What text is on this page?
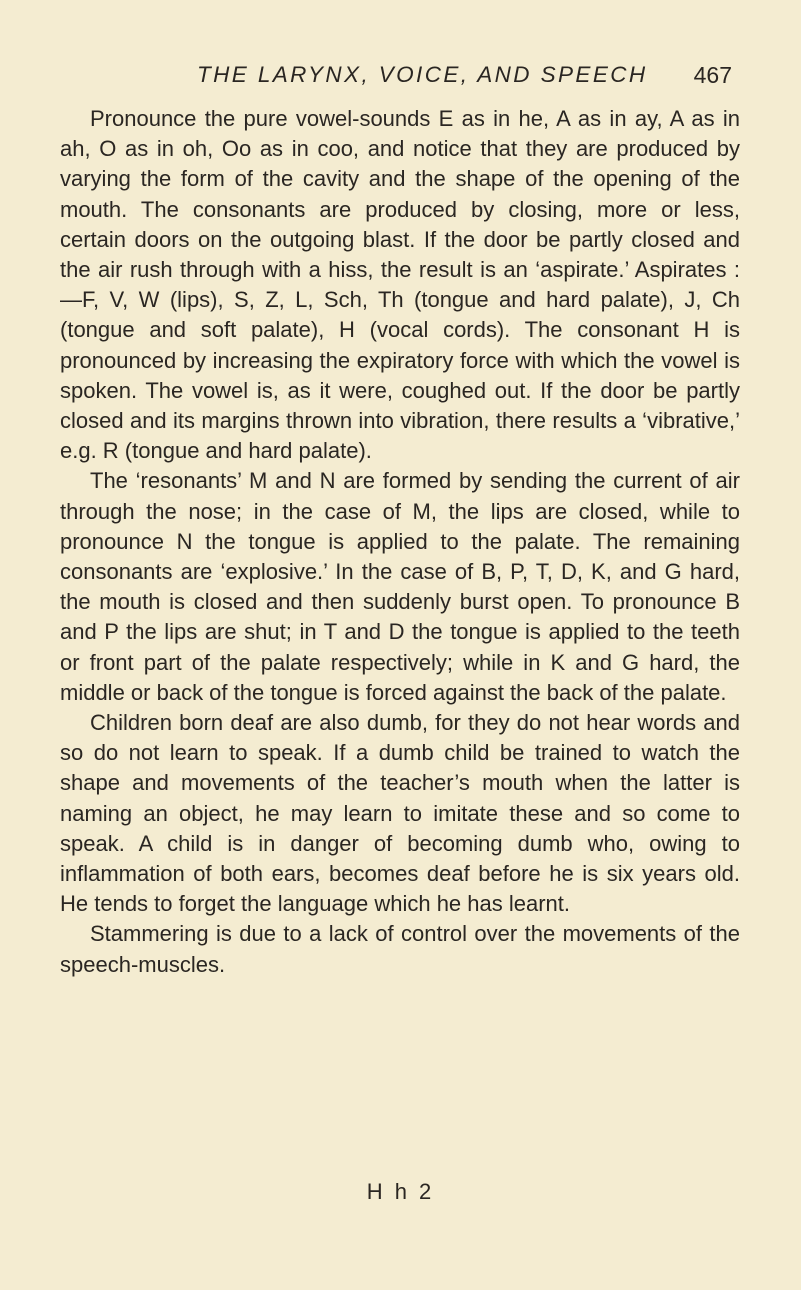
THE LARYNX, VOICE, AND SPEECH 467

Pronounce the pure vowel-sounds E as in he, A as in ay, A as in ah, O as in oh, Oo as in coo, and notice that they are produced by varying the form of the cavity and the shape of the opening of the mouth. The consonants are produced by closing, more or less, certain doors on the outgoing blast. If the door be partly closed and the air rush through with a hiss, the result is an ‘aspirate.’ Aspirates :—F, V, W (lips), S, Z, L, Sch, Th (tongue and hard palate), J, Ch (tongue and soft palate), H (vocal cords). The consonant H is pronounced by increasing the expiratory force with which the vowel is spoken. The vowel is, as it were, coughed out. If the door be partly closed and its margins thrown into vibration, there results a ‘vibrative,’ e.g. R (tongue and hard palate).

The ‘resonants’ M and N are formed by sending the current of air through the nose; in the case of M, the lips are closed, while to pronounce N the tongue is applied to the palate. The remaining consonants are ‘explosive.’ In the case of B, P, T, D, K, and G hard, the mouth is closed and then suddenly burst open. To pronounce B and P the lips are shut; in T and D the tongue is applied to the teeth or front part of the palate respectively; while in K and G hard, the middle or back of the tongue is forced against the back of the palate.

Children born deaf are also dumb, for they do not hear words and so do not learn to speak. If a dumb child be trained to watch the shape and movements of the teacher’s mouth when the latter is naming an object, he may learn to imitate these and so come to speak. A child is in danger of becoming dumb who, owing to inflammation of both ears, becomes deaf before he is six years old. He tends to forget the language which he has learnt.

Stammering is due to a lack of control over the movements of the speech-muscles.

H h 2
